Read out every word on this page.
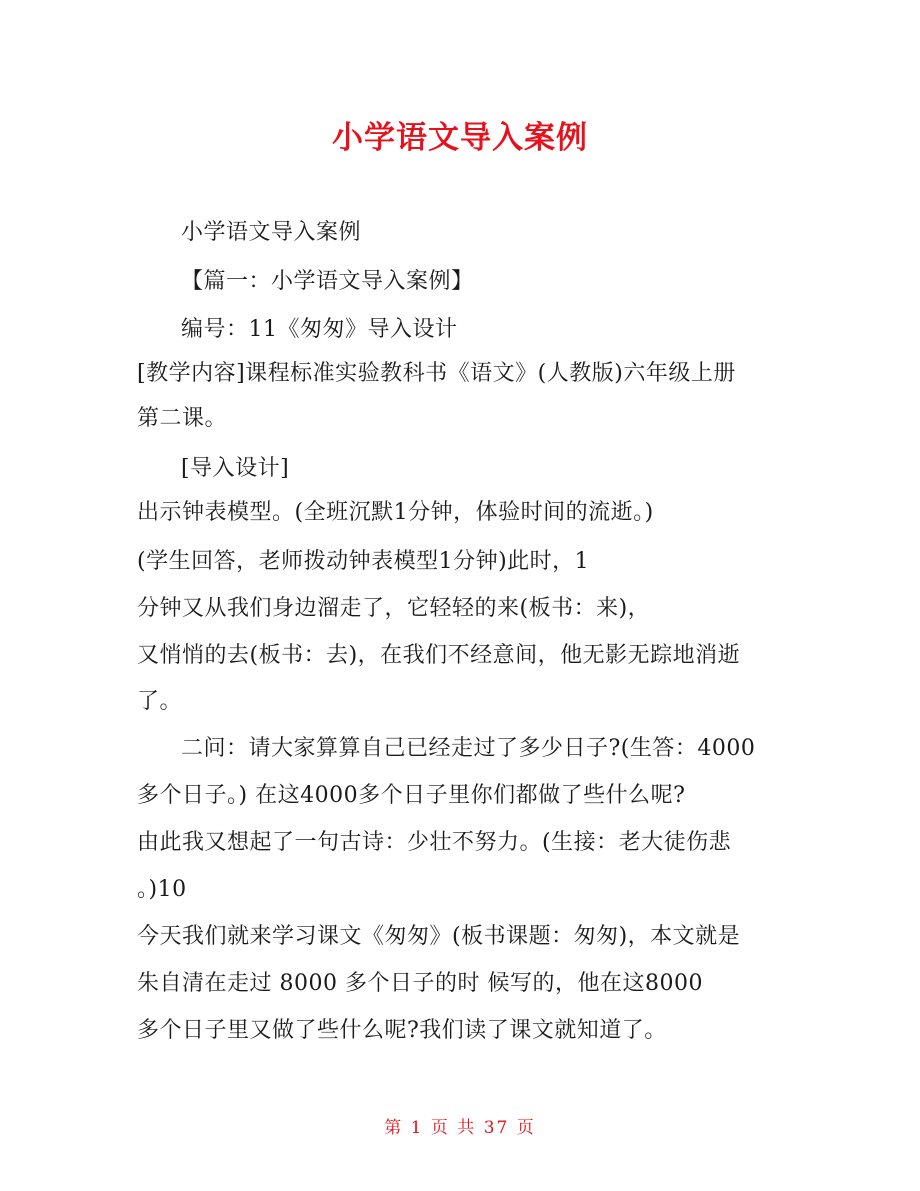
小学语文导入案例
小学语文导入案例
【篇一：小学语文导入案例】
编号：11《匆匆》导入设计
[教学内容]课程标准实验教科书《语文》(人教版)六年级上册
第二课。
[导入设计]
出示钟表模型。(全班沉默1分钟，体验时间的流逝。)
(学生回答，老师拨动钟表模型1分钟)此时，1
分钟又从我们身边溜走了，它轻轻的来(板书：来)，
又悄悄的去(板书：去)，在我们不经意间，他无影无踪地消逝
了。
二问：请大家算算自己已经走过了多少日子?(生答：4000
多个日子。) 在这4000多个日子里你们都做了些什么呢?
由此我又想起了一句古诗：少壮不努力。(生接：老大徒伤悲
。)10
今天我们就来学习课文《匆匆》(板书课题：匆匆)，本文就是
朱自清在走过 8000 多个日子的时 候写的，他在这8000
多个日子里又做了些什么呢?我们读了课文就知道了。
第 1 页 共 37 页
